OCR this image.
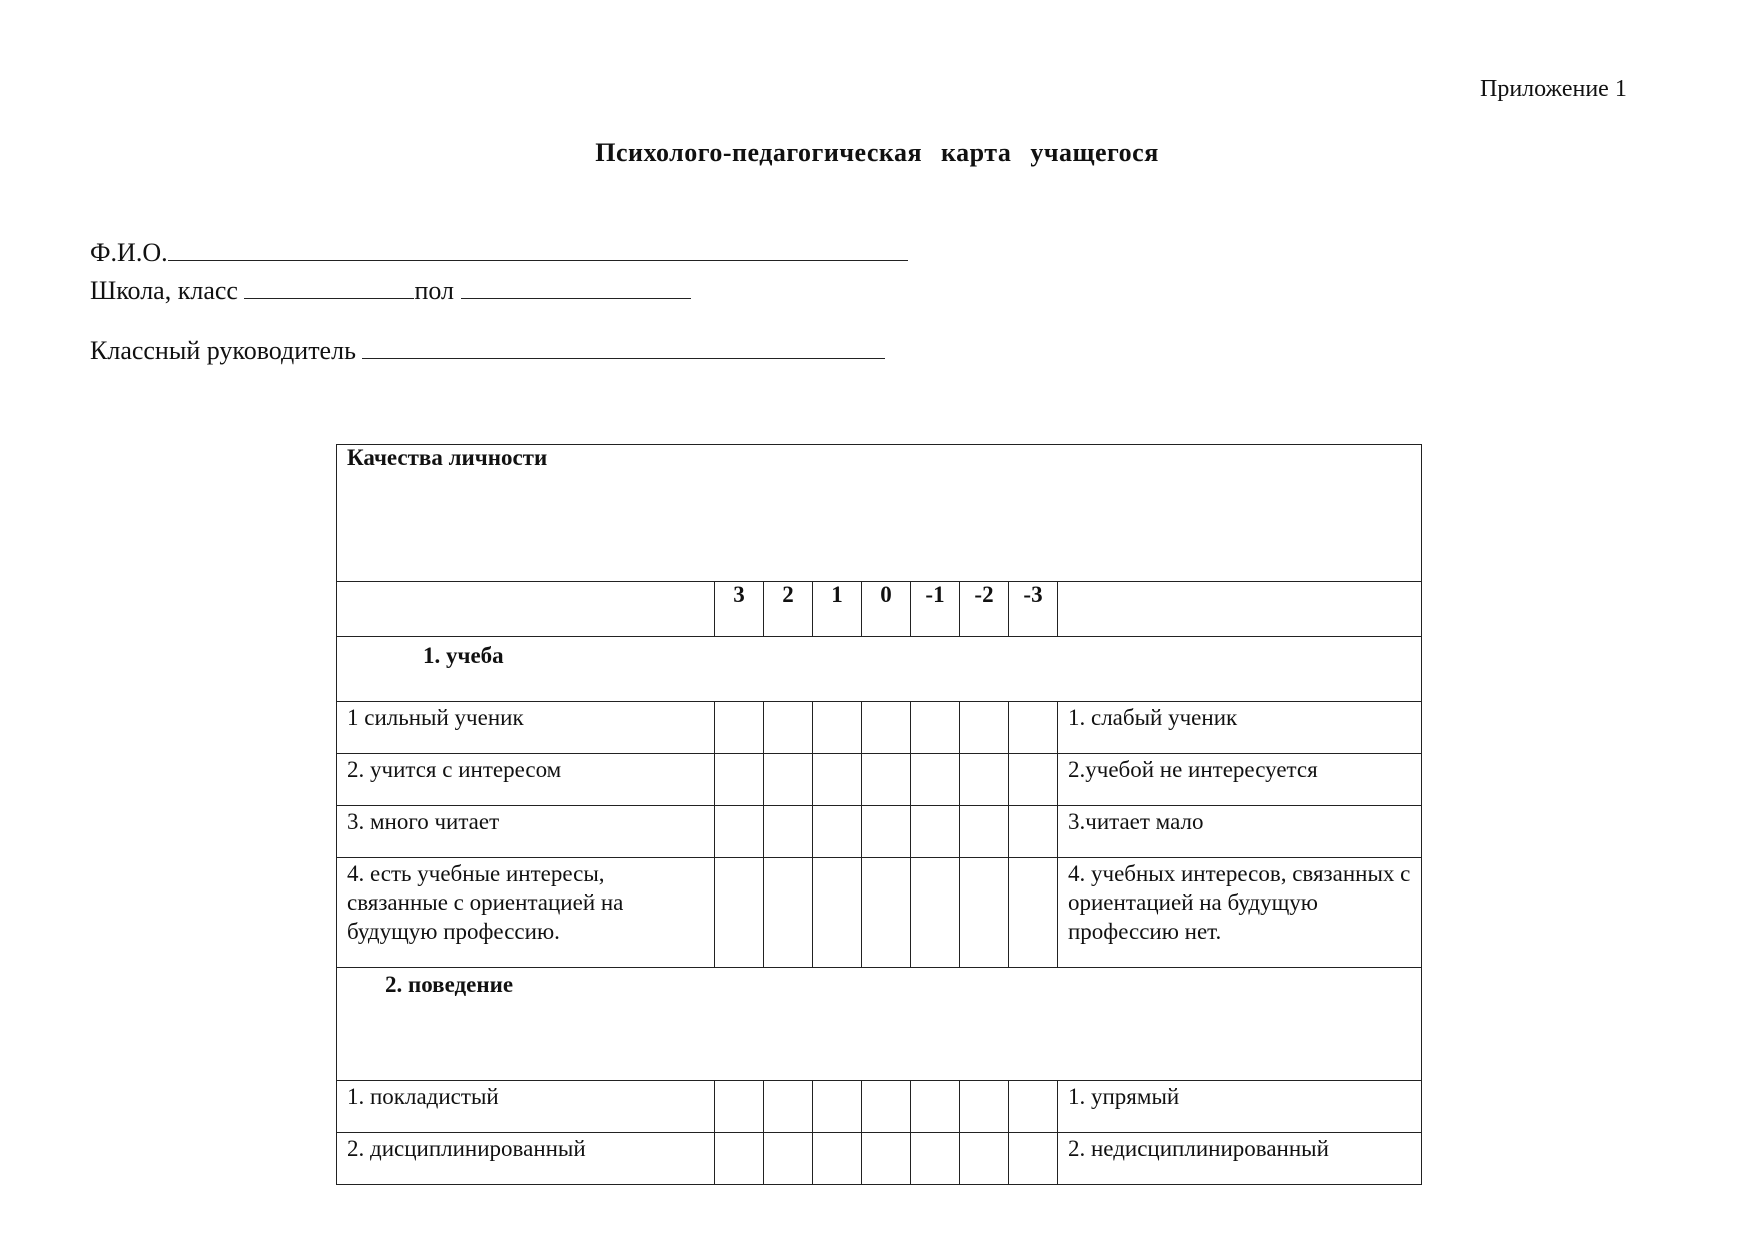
Приложение 1
Психолого-педагогическая карта учащегося
Ф.И.О.
Школа, класс	пол
Классный руководитель
Качества личности								
	3	2	1	0	-1	-2	-3	
1. учеба								
1 сильный ученик								1. слабый ученик
2. учится с интересом								2.учебой не интересуется
3. много читает								3.читает мало
4. есть учебные интересы, связанные с ориентацией на будущую профессию.								4. учебных интересов, связанных с ориентацией на будущую профессию нет.
2. поведение								
1. покладистый								1. упрямый
2. дисциплинированный								2. недисциплинированный
